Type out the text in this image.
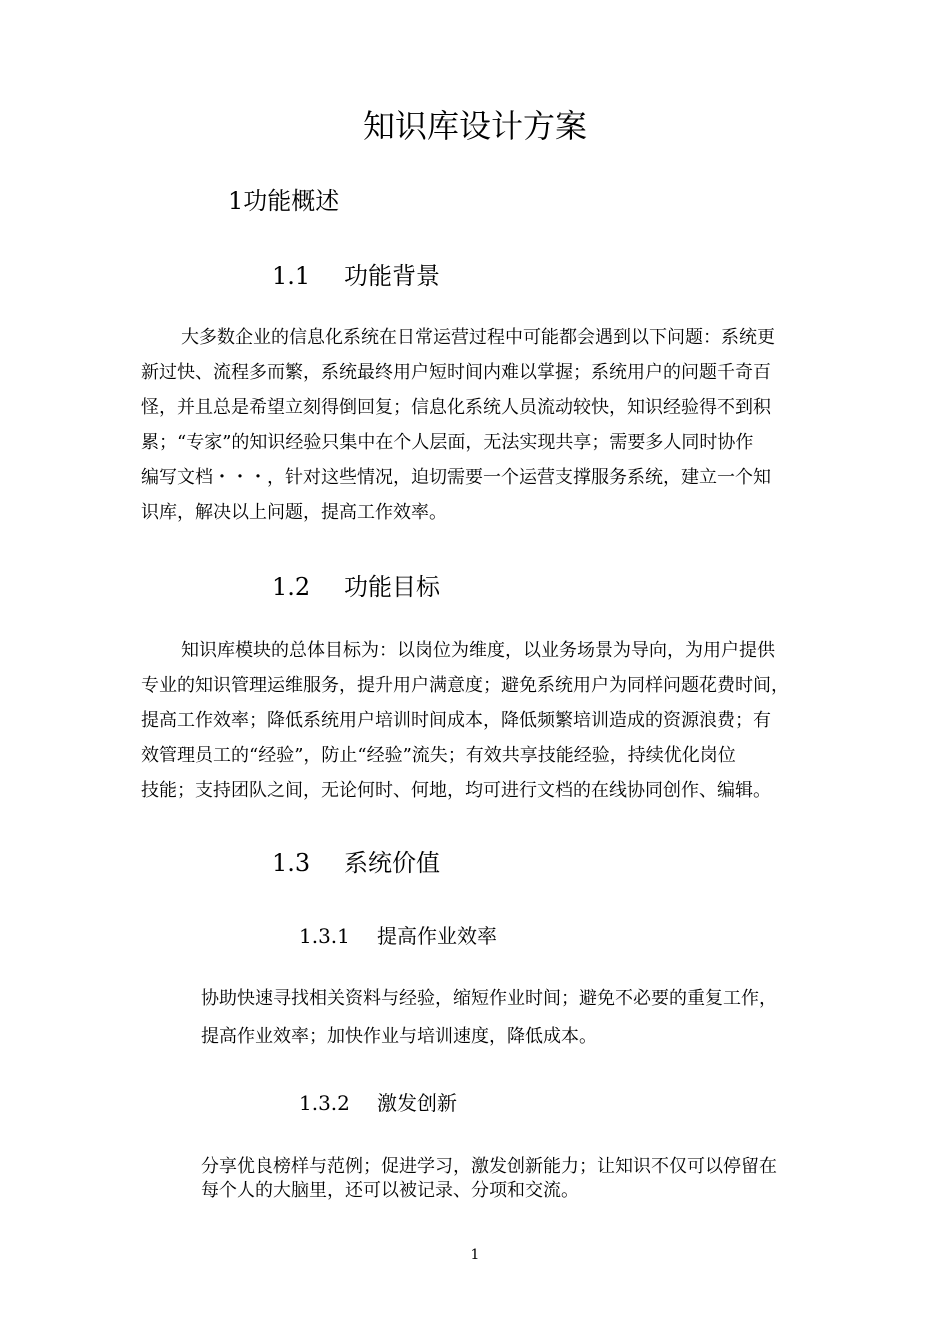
知识库设计方案
1功能概述
1.1 功能背景
大多数企业的信息化系统在日常运营过程中可能都会遇到以下问题：系统更
新过快、流程多而繁，系统最终用户短时间内难以掌握；系统用户的问题千奇百
怪，并且总是希望立刻得倒回复；信息化系统人员流动较快，知识经验得不到积
累；“专家”的知识经验只集中在个人层面，无法实现共享；需要多人同时协作
编写文档・・・，针对这些情况，迫切需要一个运营支撑服务系统，建立一个知
识库，解决以上问题，提高工作效率。
1.2 功能目标
知识库模块的总体目标为：以岗位为维度，以业务场景为导向，为用户提供
专业的知识管理运维服务，提升用户满意度；避免系统用户为同样问题花费时间，
提高工作效率；降低系统用户培训时间成本，降低频繁培训造成的资源浪费；有
效管理员工的“经验”，防止“经验”流失；有效共享技能经验，持续优化岗位
技能；支持团队之间，无论何时、何地，均可进行文档的在线协同创作、编辑。
1.3 系统价值
1.3.1 提高作业效率
协助快速寻找相关资料与经验，缩短作业时间；避免不必要的重复工作，
提高作业效率；加快作业与培训速度，降低成本。
1.3.2 激发创新
分享优良榜样与范例；促进学习，激发创新能力；让知识不仅可以停留在
每个人的大脑里，还可以被记录、分项和交流。
1
